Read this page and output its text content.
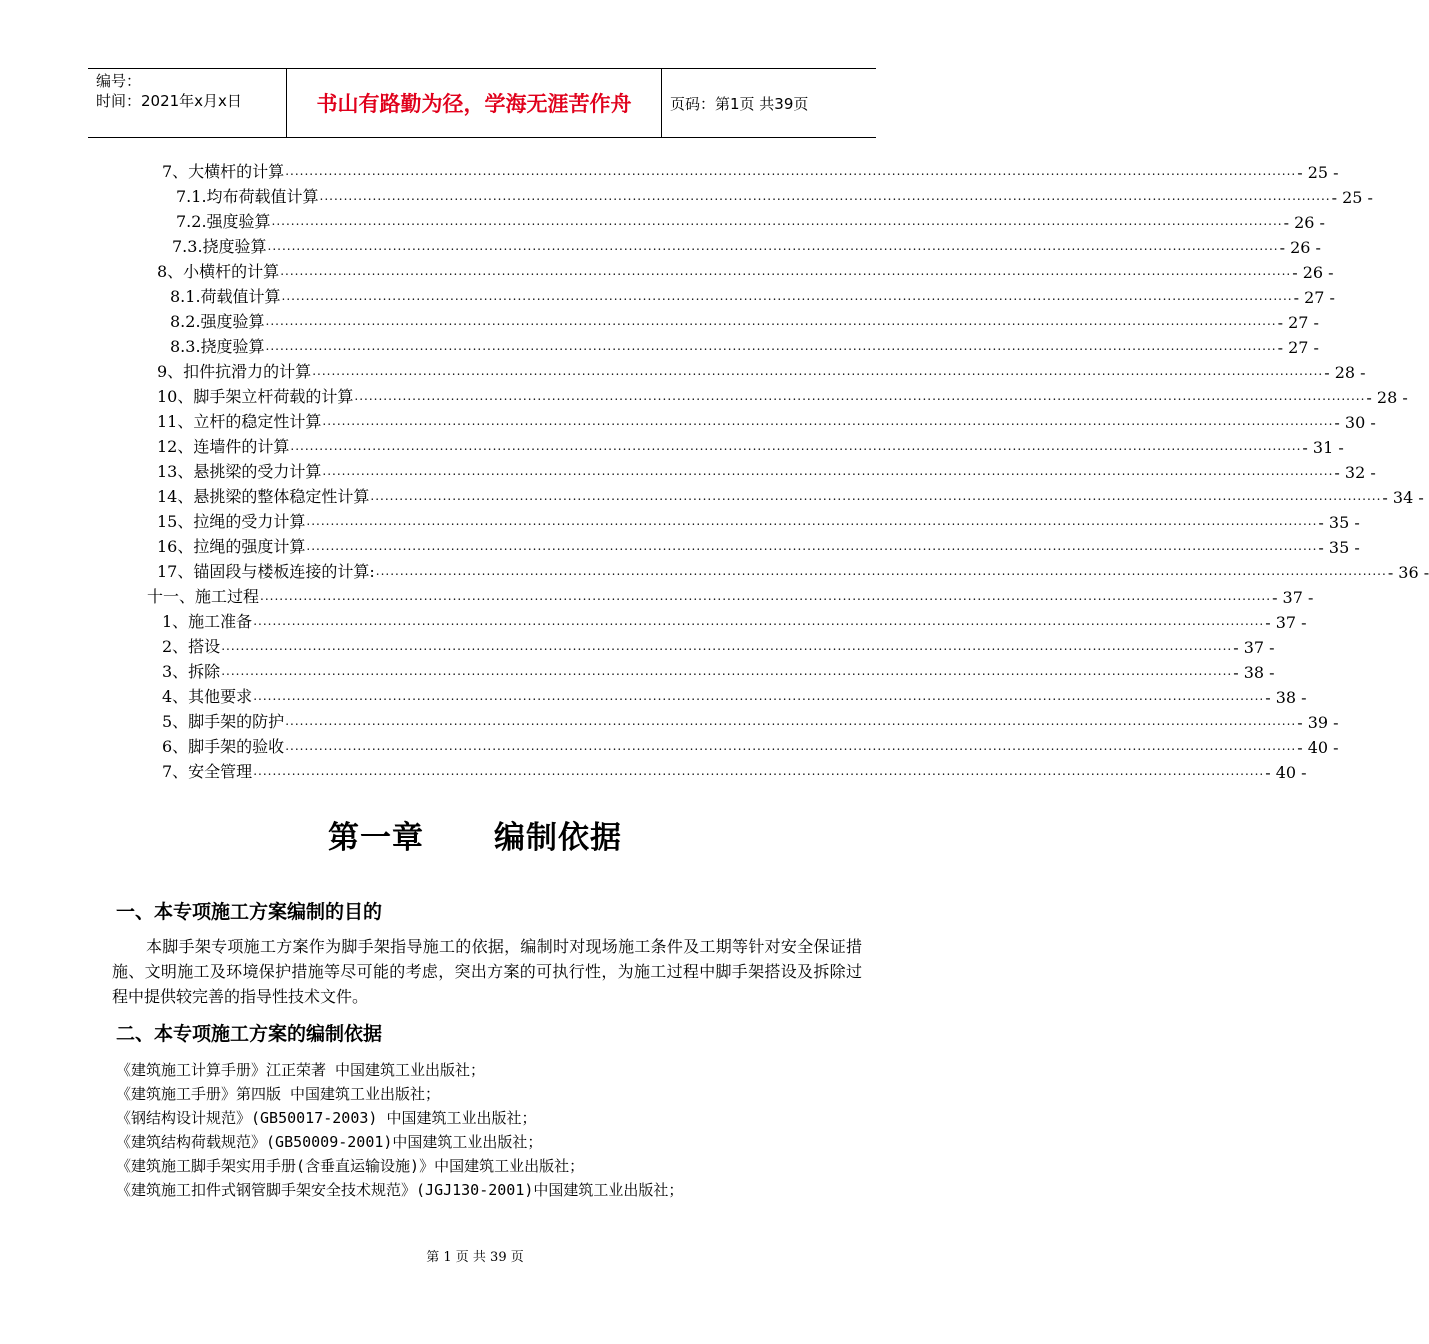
编号：
时间：2021年x月x日	书山有路勤为径，学海无涯苦作舟	页码：第1页 共39页
7、大横杆的计算 .................................................................................................................................................................................................................. - 25 -
7.1.均布荷载值计算 .................................................................................................................................................................................................................. - 25 -
7.2.强度验算 .................................................................................................................................................................................................................. - 26 -
7.3.挠度验算 .................................................................................................................................................................................................................. - 26 -
8、小横杆的计算 .................................................................................................................................................................................................................. - 26 -
8.1.荷载值计算 .................................................................................................................................................................................................................. - 27 -
8.2.强度验算 .................................................................................................................................................................................................................. - 27 -
8.3.挠度验算 .................................................................................................................................................................................................................. - 27 -
9、扣件抗滑力的计算 .................................................................................................................................................................................................................. - 28 -
10、脚手架立杆荷载的计算 .................................................................................................................................................................................................................. - 28 -
11、立杆的稳定性计算 .................................................................................................................................................................................................................. - 30 -
12、连墙件的计算 .................................................................................................................................................................................................................. - 31 -
13、悬挑梁的受力计算 .................................................................................................................................................................................................................. - 32 -
14、悬挑梁的整体稳定性计算 .................................................................................................................................................................................................................. - 34 -
15、拉绳的受力计算 .................................................................................................................................................................................................................. - 35 -
16、拉绳的强度计算 .................................................................................................................................................................................................................. - 35 -
17、锚固段与楼板连接的计算: .................................................................................................................................................................................................................. - 36 -
十一、施工过程 .................................................................................................................................................................................................................. - 37 -
1、施工准备 .................................................................................................................................................................................................................. - 37 -
2、搭设 .................................................................................................................................................................................................................. - 37 -
3、拆除 .................................................................................................................................................................................................................. - 38 -
4、其他要求 .................................................................................................................................................................................................................. - 38 -
5、脚手架的防护 .................................................................................................................................................................................................................. - 39 -
6、脚手架的验收 .................................................................................................................................................................................................................. - 40 -
7、安全管理 .................................................................................................................................................................................................................. - 40 -
第一章 编制依据
一、本专项施工方案编制的目的
本脚手架专项施工方案作为脚手架指导施工的依据，编制时对现场施工条件及工期等针对安全保证措施、文明施工及环境保护措施等尽可能的考虑，突出方案的可执行性，为施工过程中脚手架搭设及拆除过程中提供较完善的指导性技术文件。
二、本专项施工方案的编制依据
《建筑施工计算手册》江正荣著 中国建筑工业出版社；
《建筑施工手册》第四版 中国建筑工业出版社；
《钢结构设计规范》(GB50017-2003) 中国建筑工业出版社；
《建筑结构荷载规范》(GB50009-2001)中国建筑工业出版社；
《建筑施工脚手架实用手册(含垂直运输设施)》中国建筑工业出版社；
《建筑施工扣件式钢管脚手架安全技术规范》(JGJ130-2001)中国建筑工业出版社；
第 1 页 共 39 页
